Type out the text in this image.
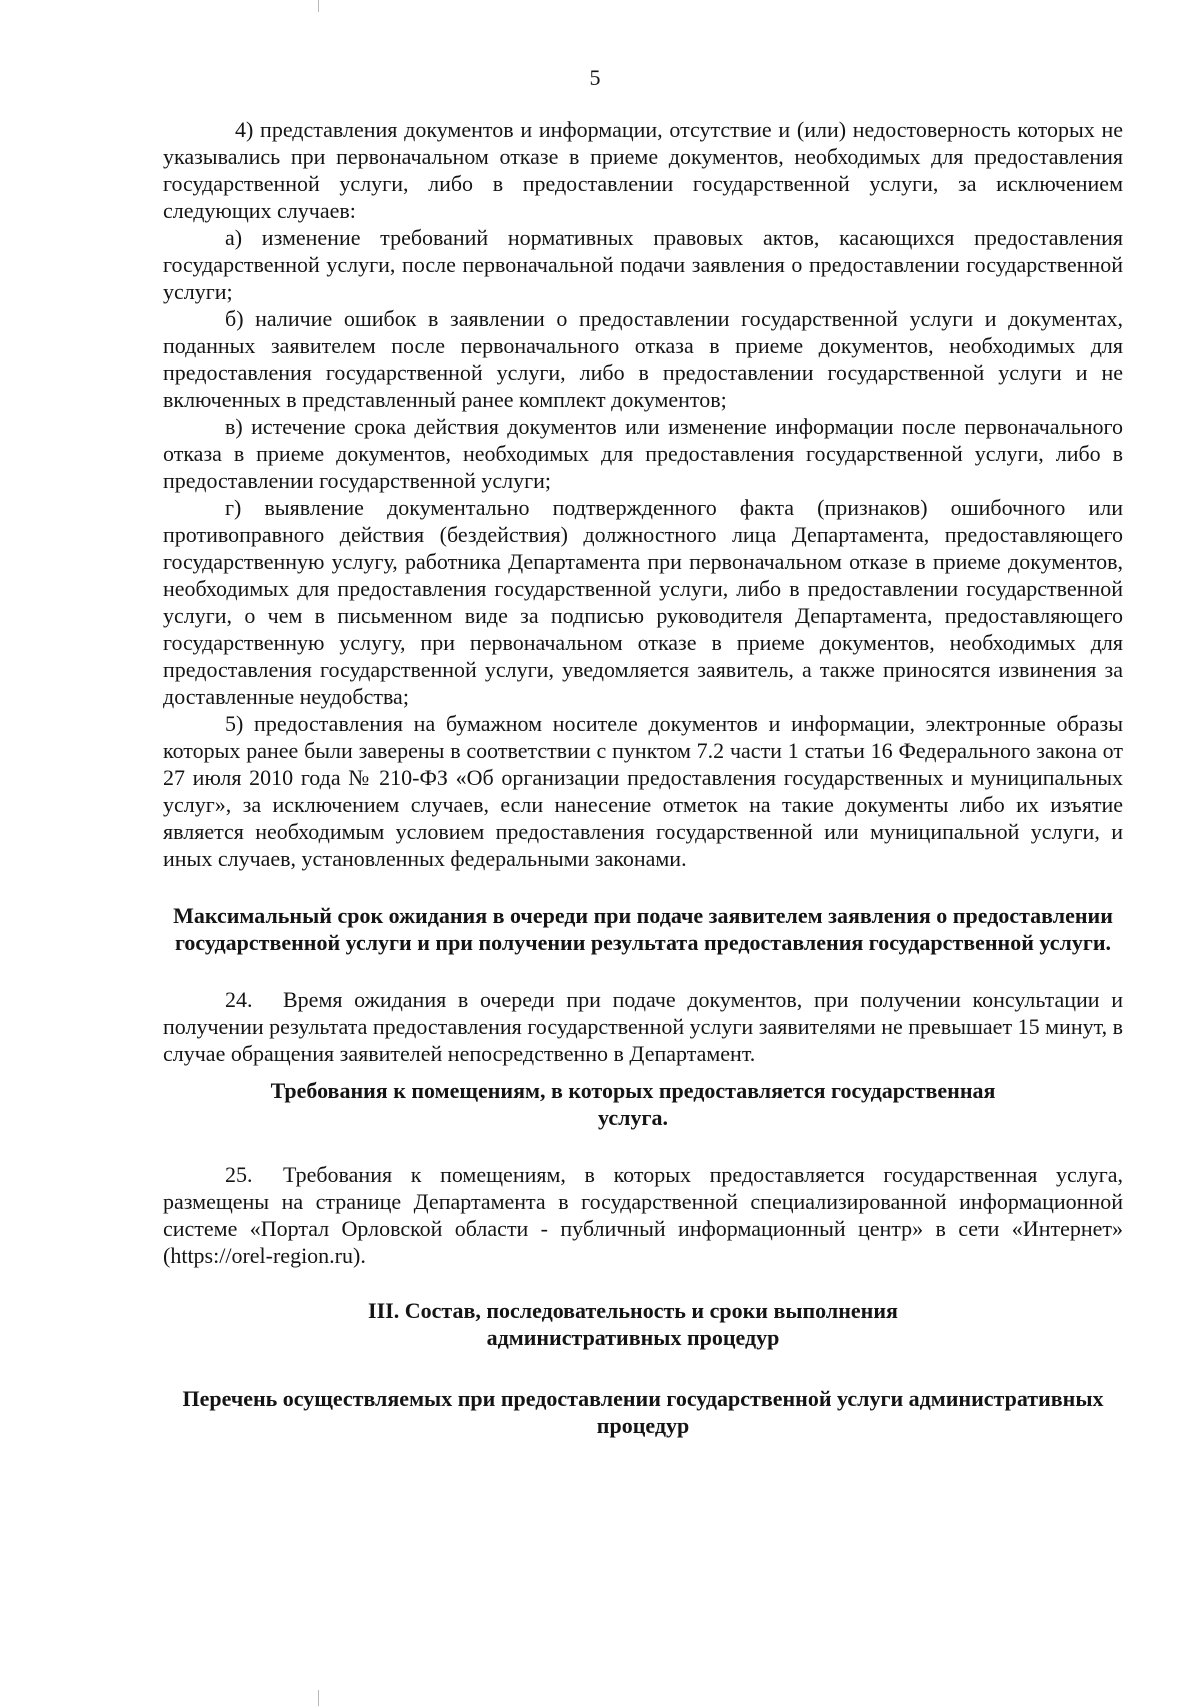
5

4) представления документов и информации, отсутствие и (или) недостоверность которых не указывались при первоначальном отказе в приеме документов, необходимых для предоставления государственной услуги, либо в предоставлении государственной услуги, за исключением следующих случаев:

а) изменение требований нормативных правовых актов, касающихся предоставления государственной услуги, после первоначальной подачи заявления о предоставлении государственной услуги;

б) наличие ошибок в заявлении о предоставлении государственной услуги и документах, поданных заявителем после первоначального отказа в приеме документов, необходимых для предоставления государственной услуги, либо в предоставлении государственной услуги и не включенных в представленный ранее комплект документов;

в) истечение срока действия документов или изменение информации после первоначального отказа в приеме документов, необходимых для предоставления государственной услуги, либо в предоставлении государственной услуги;

г) выявление документально подтвержденного факта (признаков) ошибочного или противоправного действия (бездействия) должностного лица Департамента, предоставляющего государственную услугу, работника Департамента при первоначальном отказе в приеме документов, необходимых для предоставления государственной услуги, либо в предоставлении государственной услуги, о чем в письменном виде за подписью руководителя Департамента, предоставляющего государственную услугу, при первоначальном отказе в приеме документов, необходимых для предоставления государственной услуги, уведомляется заявитель, а также приносятся извинения за доставленные неудобства;

5) предоставления на бумажном носителе документов и информации, электронные образы которых ранее были заверены в соответствии с пунктом 7.2 части 1 статьи 16 Федерального закона от 27 июля 2010 года № 210-ФЗ «Об организации предоставления государственных и муниципальных услуг», за исключением случаев, если нанесение отметок на такие документы либо их изъятие является необходимым условием предоставления государственной или муниципальной услуги, и иных случаев, установленных федеральными законами.

Максимальный срок ожидания в очереди при подаче заявителем заявления о предоставлении государственной услуги и при получении результата предоставления государственной услуги.

24. Время ожидания в очереди при подаче документов, при получении консультации и получении результата предоставления государственной услуги заявителями не превышает 15 минут, в случае обращения заявителей непосредственно в Департамент.

Требования к помещениям, в которых предоставляется государственная услуга.

25. Требования к помещениям, в которых предоставляется государственная услуга, размещены на странице Департамента в государственной специализированной информационной системе «Портал Орловской области - публичный информационный центр» в сети «Интернет» (https://orel-region.ru).

III. Состав, последовательность и сроки выполнения административных процедур

Перечень осуществляемых при предоставлении государственной услуги административных процедур
